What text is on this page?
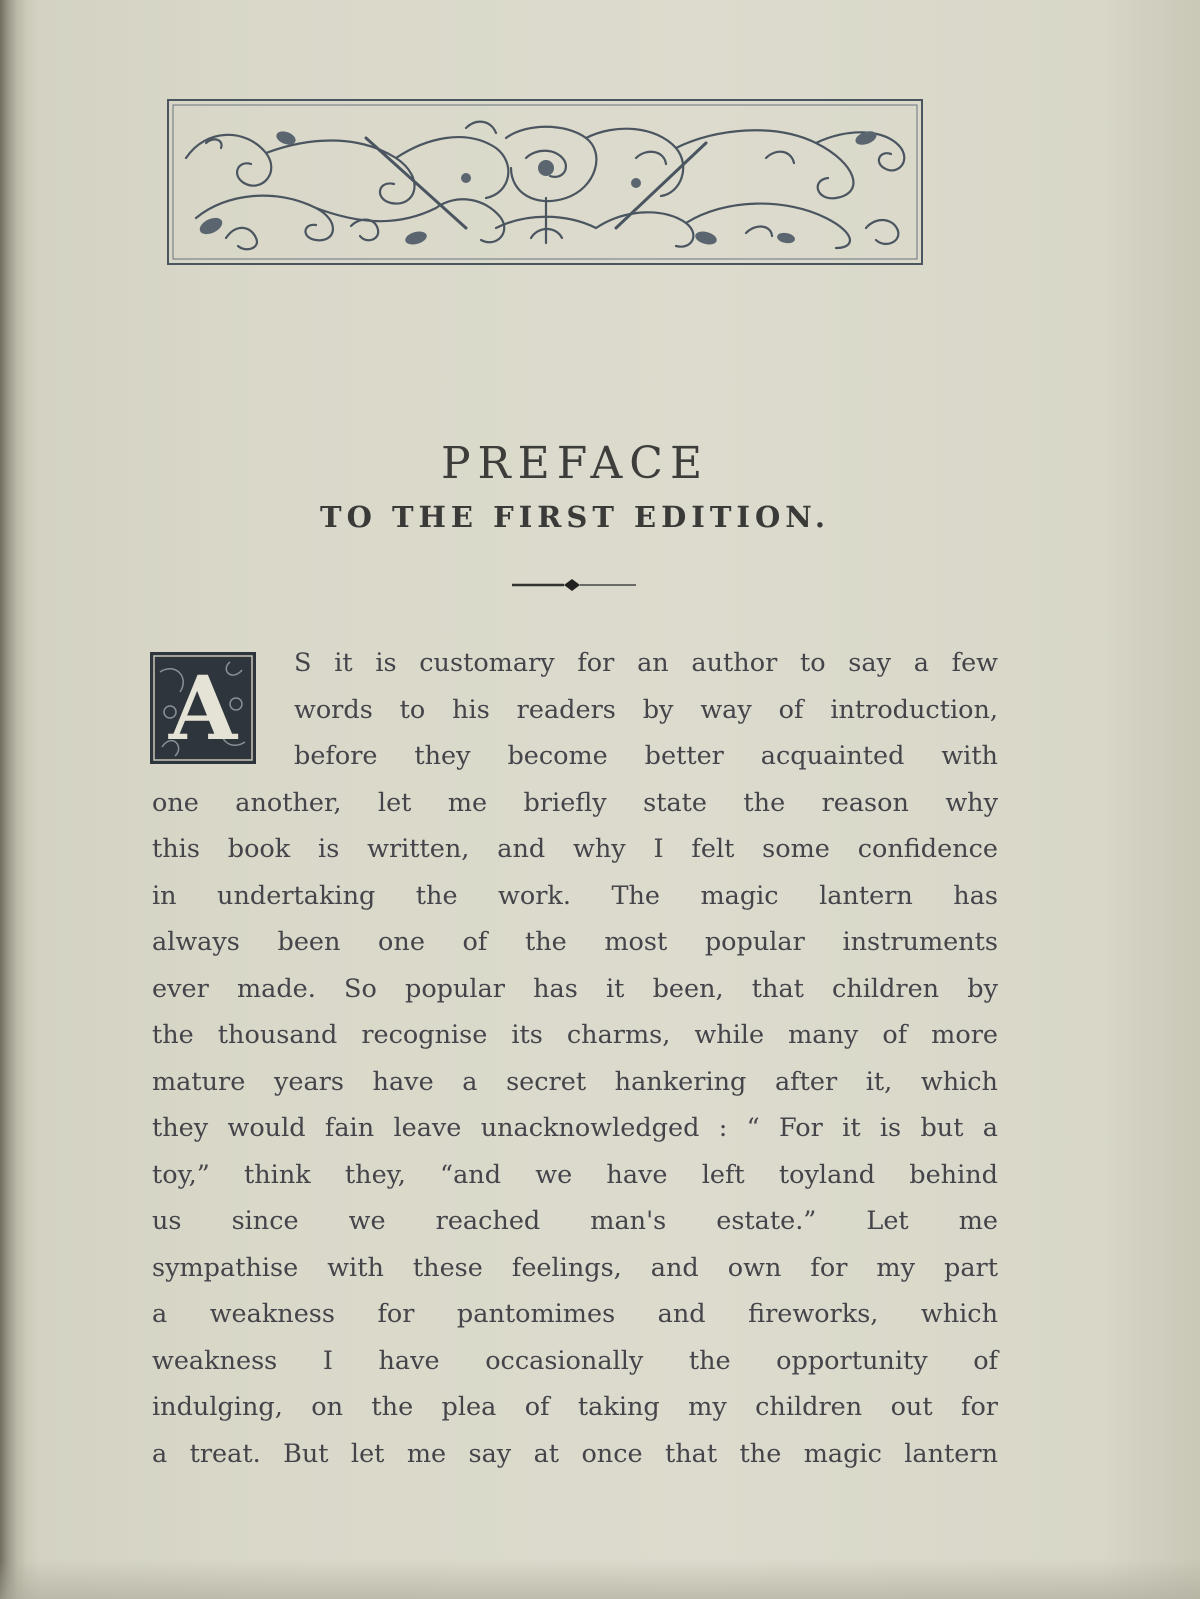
PREFACE
TO THE FIRST EDITION.
A	S it is customary for an author to say a few
words to his readers by way of introduction,
before they become better acquainted with
one another, let me briefly state the reason why
this book is written, and why I felt some confidence
in undertaking the work. The magic lantern has
always been one of the most popular instruments
ever made. So popular has it been, that children by
the thousand recognise its charms, while many of more
mature years have a secret hankering after it, which
they would fain leave unacknowledged : “ For it is but a
toy,” think they, “and we have left toyland behind
us since we reached man's estate.” Let me
sympathise with these feelings, and own for my part
a weakness for pantomimes and fireworks, which
weakness I have occasionally the opportunity of
indulging, on the plea of taking my children out for
a treat. But let me say at once that the magic lantern
